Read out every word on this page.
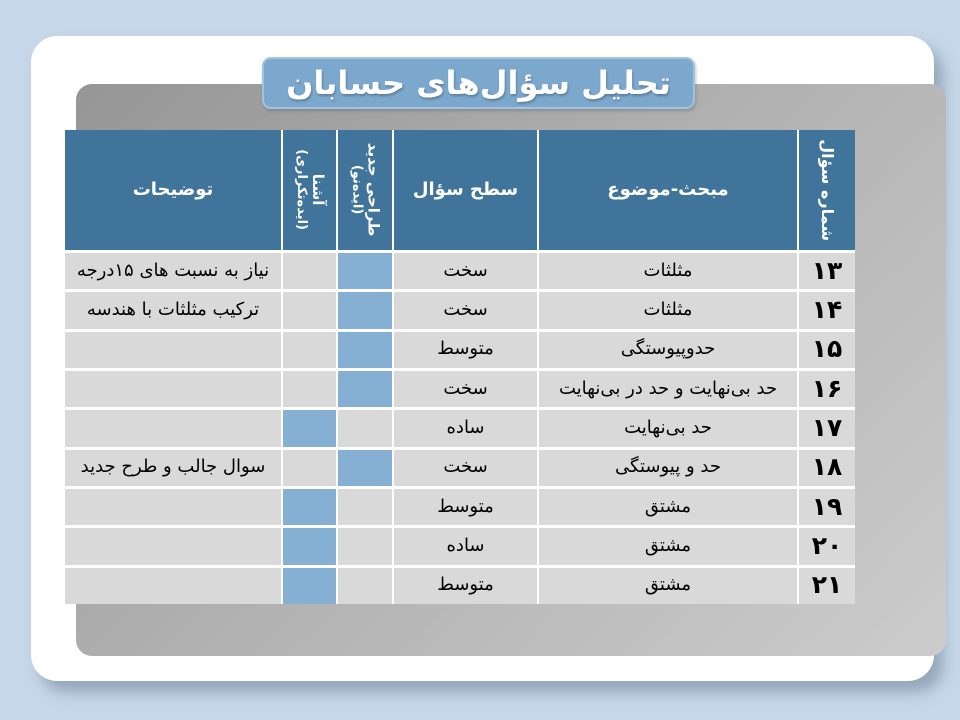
تحلیل سؤال‌های حسابان
شماره سؤال
مبحث-موضوع
سطح سؤال
طراحی جدید
(ایده‌نو)
آشنا
(ایده‌تکراری)
توضیحات
۱۳
مثلثات
سخت
نیاز به نسبت های ۱۵درجه
۱۴
مثلثات
سخت
ترکیب مثلثات با هندسه
۱۵
حدوپیوستگی
متوسط
۱۶
حد بی‌نهایت و حد در بی‌نهایت
سخت
۱۷
حد بی‌نهایت
ساده
۱۸
حد و پیوستگی
سخت
سوال جالب و طرح جدید
۱۹
مشتق
متوسط
۲۰
مشتق
ساده
۲۱
مشتق
متوسط
